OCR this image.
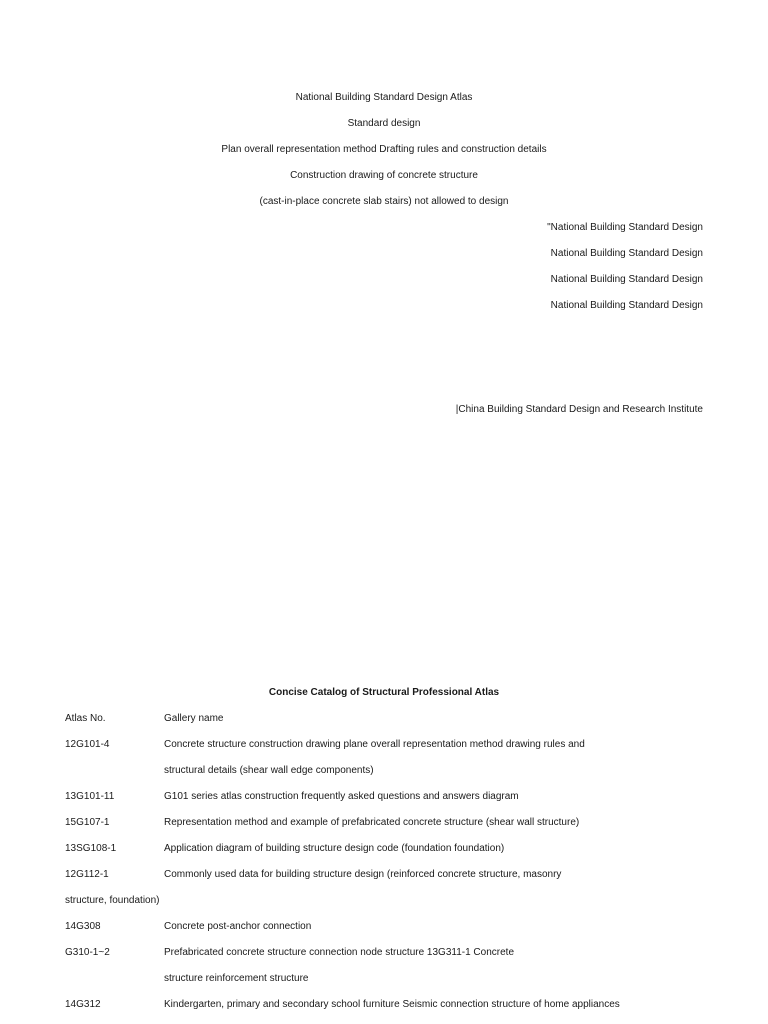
National Building Standard Design Atlas
Standard design
Plan overall representation method Drafting rules and construction details
Construction drawing of concrete structure
(cast-in-place concrete slab stairs) not allowed to design
"National Building Standard Design
National Building Standard Design
National Building Standard Design
National Building Standard Design
|China Building Standard Design and Research Institute
Concise Catalog of Structural Professional Atlas
Atlas No.	Gallery name
12G101-4	Concrete structure construction drawing plane overall representation method drawing rules and
structural details (shear wall edge components)
13G101-11	G101 series atlas construction frequently asked questions and answers diagram
15G107-1	Representation method and example of prefabricated concrete structure (shear wall structure)
13SG108-1	Application diagram of building structure design code (foundation foundation)
12G112-1	Commonly used data for building structure design (reinforced concrete structure, masonry
structure, foundation)
14G308	Concrete post-anchor connection
G310-1~2	Prefabricated concrete structure connection node structure 13G311-1 Concrete
structure reinforcement structure
14G312	Kindergarten, primary and secondary school furniture Seismic connection structure of home appliances
